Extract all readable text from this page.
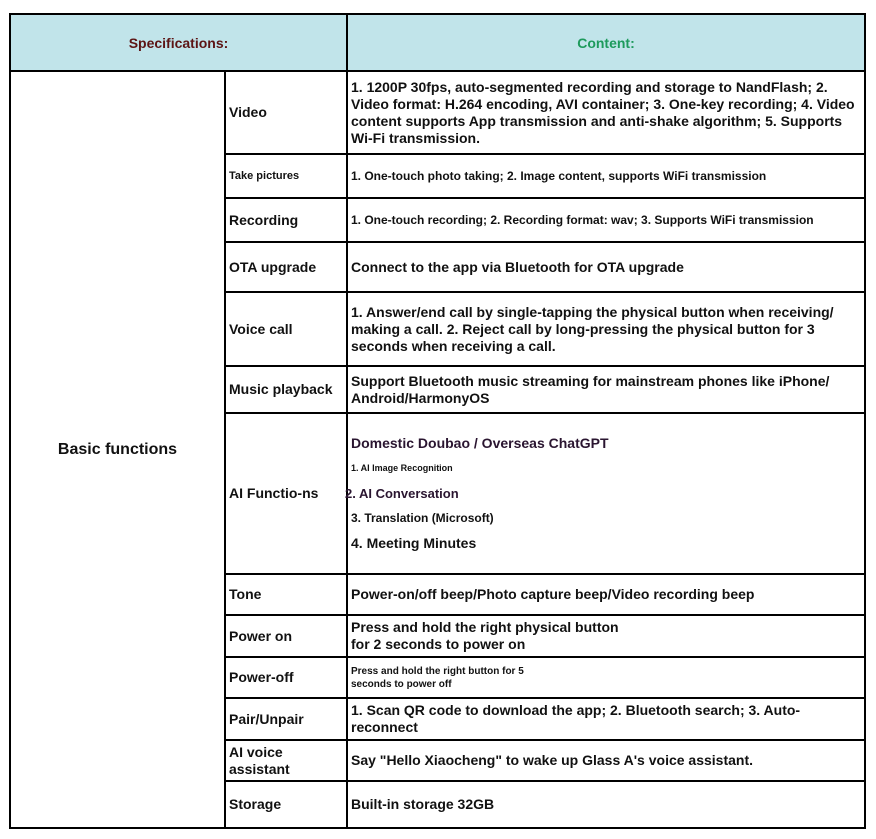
Specifications:		Content:
Basic functions	Video	1. 1200P 30fps, auto-segmented recording and storage to NandFlash; 2. Video format: H.264 encoding, AVI container; 3. One-key recording; 4. Video content supports App transmission and anti-shake algorithm; 5. Supports Wi-Fi transmission.
	Take pictures	1. One-touch photo taking; 2. Image content, supports WiFi transmission
	Recording	1. One-touch recording; 2. Recording format: wav; 3. Supports WiFi transmission
	OTA upgrade	Connect to the app via Bluetooth for OTA upgrade
	Voice call	1. Answer/end call by single-tapping the physical button when receiving/ making a call. 2. Reject call by long-pressing the physical button for 3 seconds when receiving a call.
	Music playback	Support Bluetooth music streaming for mainstream phones like iPhone/ Android/HarmonyOS
	AI Functio-ns	Domestic Doubao / Overseas ChatGPT
1. AI Image Recognition
2. AI Conversation
3. Translation (Microsoft)
4. Meeting Minutes

	Tone	Power-on/off beep/Photo capture beep/Video recording beep
	Power on	Press and hold the right physical button
for 2 seconds to power on

	Power-off	Press and hold the right button for 5
seconds to power off

	Pair/Unpair	1. Scan QR code to download the app; 2. Bluetooth search; 3. Auto-reconnect
	AI voice assistant	Say "Hello Xiaocheng" to wake up Glass A's voice assistant.
	Storage	Built-in storage 32GB
